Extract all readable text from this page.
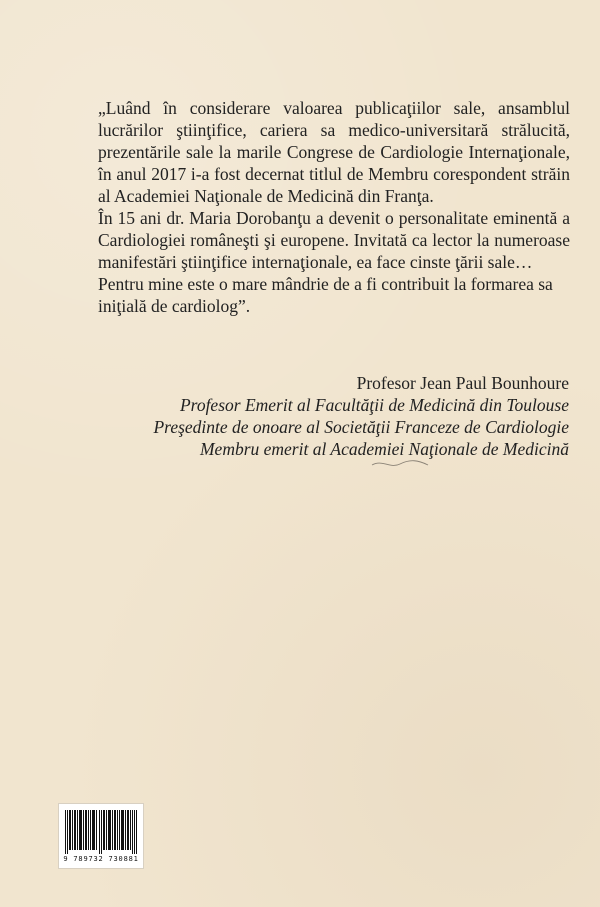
„Luând în considerare valoarea publicaţiilor sale, ansamblul lucrărilor ştiinţifice, cariera sa medico-universitară strălucită, prezentările sale la marile Congrese de Cardiologie Internaţionale, în anul 2017 i-a fost decernat titlul de Membru corespondent străin al Academiei Naţionale de Medicină din Franţa.

În 15 ani dr. Maria Dorobanţu a devenit o personalitate eminentă a Cardiologiei româneşti şi europene. Invitată ca lector la numeroase manifestări ştiinţifice internaţionale, ea face cinste ţării sale…

Pentru mine este o mare mândrie de a fi contribuit la formarea sa iniţială de cardiolog”.

Profesor Jean Paul Bounhoure
Profesor Emerit al Facultăţii de Medicină din Toulouse
Preşedinte de onoare al Societăţii Franceze de Cardiologie
Membru emerit al Academiei Naţionale de Medicină
9 789732 730881
